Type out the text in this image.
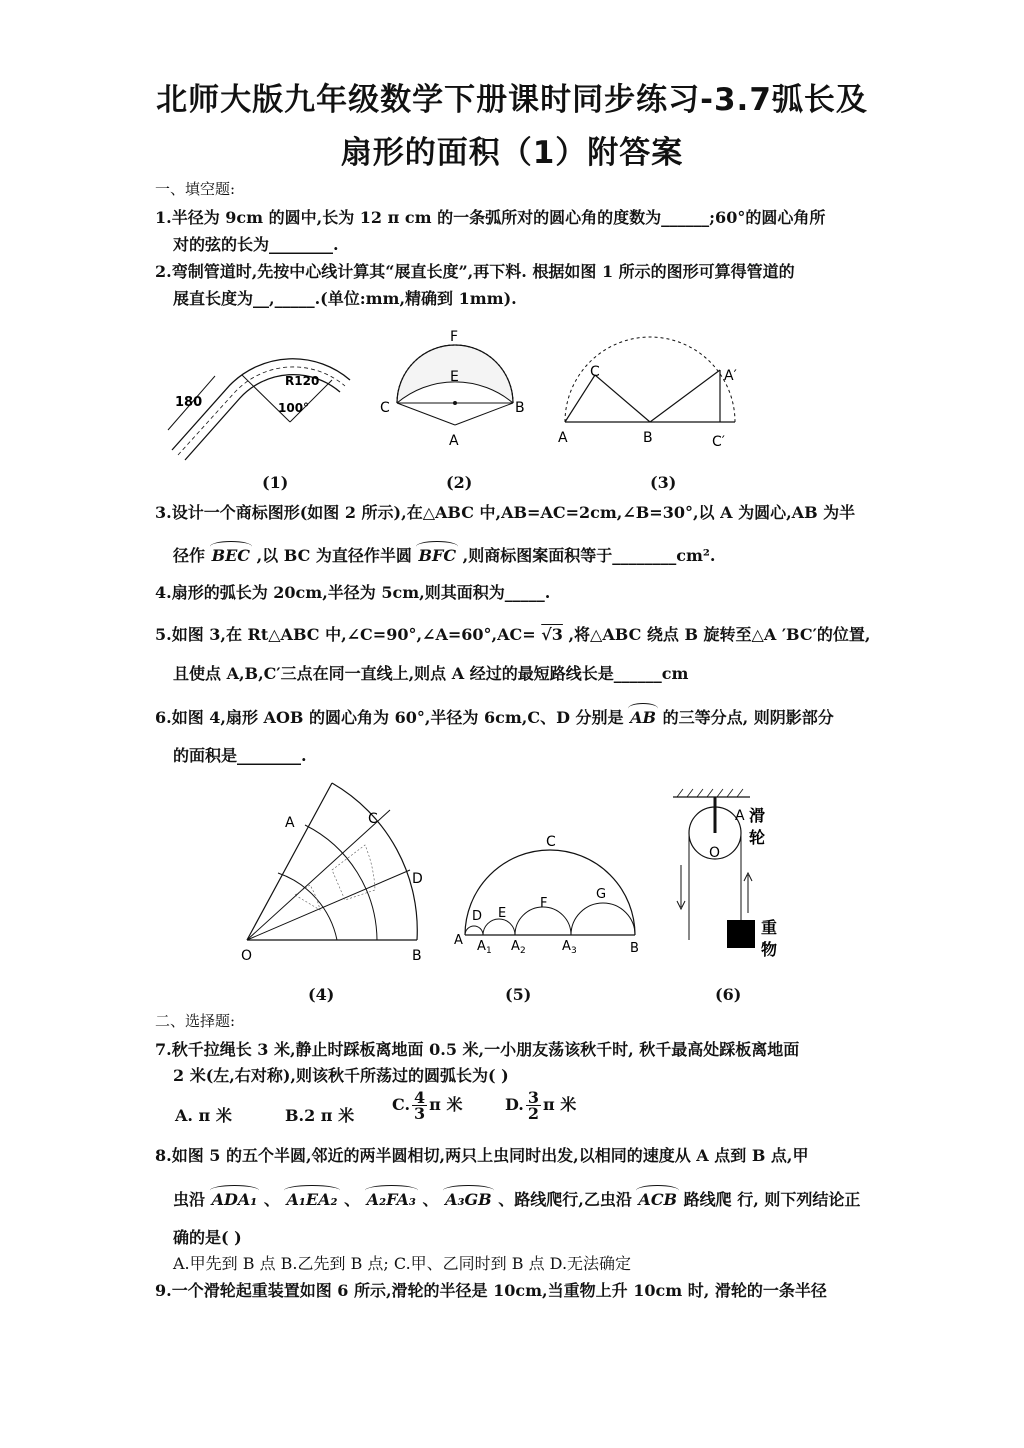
北师大版九年级数学下册课时同步练习-3.7弧长及
扇形的面积（1）附答案
一、填空题:
1.半径为 9cm 的圆中,长为 12 π cm 的一条弧所对的圆心角的度数为______;60°的圆心角所
对的弦的长为________.
2.弯制管道时,先按中心线计算其“展直长度”,再下料. 根据如图 1 所示的图形可算得管道的
展直长度为__,_____.(单位:mm,精确到 1mm).
180
R120
100°
F
E
C	B
A
C	A′
A	B	C′
(1)	(2)	(3)
3.设计一个商标图形(如图 2 所示),在△ABC 中,AB=AC=2cm,∠B=30°,以 A 为圆心,AB 为半
径作 BEC ,以 BC 为直径作半圆 BFC ,则商标图案面积等于________cm².
4.扇形的弧长为 20cm,半径为 5cm,则其面积为_____.
5.如图 3,在 Rt△ABC 中,∠C=90°,∠A=60°,AC= √3 ,将△ABC 绕点 B 旋转至△A ′BC′的位置,
且使点 A,B,C′三点在同一直线上,则点 A 经过的最短路线长是______cm
6.如图 4,扇形 AOB 的圆心角为 60°,半径为 6cm,C、D 分别是 AB 的三等分点, 则阴影部分
的面积是________.
A	C
D
O	B
C
D E
F
G
A A 1 A 2	A 3	B
A
O
滑
轮
重
物
(4)	(5)	(6)
二、选择题:
7.秋千拉绳长 3 米,静止时踩板离地面 0.5 米,一小朋友荡该秋千时, 秋千最高处踩板离地面
2 米(左,右对称),则该秋千所荡过的圆弧长为( )
A. π 米	B.2 π 米
C. $\frac{4}{3}$ π 米	D. $\frac{3}{2}$ π 米
8.如图 5 的五个半圆,邻近的两半圆相切,两只上虫同时出发,以相同的速度从 A 点到 B 点,甲
虫沿 ADA₁ 、 A₁EA₂ 、 A₂FA₃ 、 A₃GB 、路线爬行,乙虫沿 ACB 路线爬 行, 则下列结论正
确的是( )
A.甲先到 B 点 B.乙先到 B 点; C.甲、乙同时到 B 点 D.无法确定
9.一个滑轮起重装置如图 6 所示,滑轮的半径是 10cm,当重物上升 10cm 时, 滑轮的一条半径
